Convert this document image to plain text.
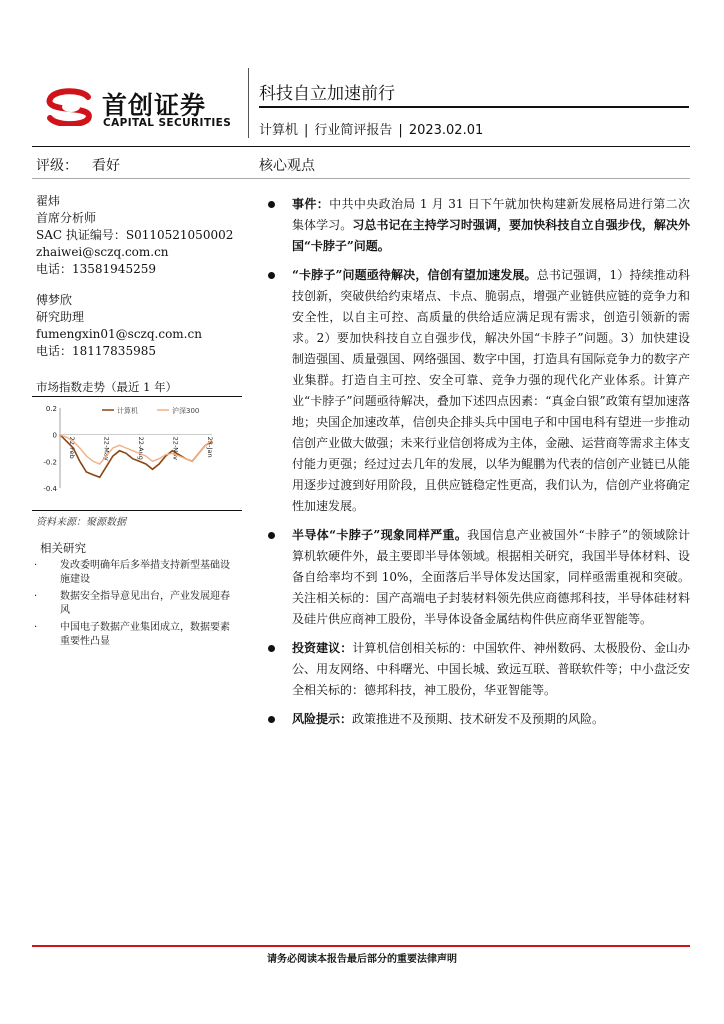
首创证券
CAPITAL SECURITIES
科技自立加速前行
计算机 | 行业简评报告 | 2023.02.01
评级： 看好	核心观点
翟炜
首席分析师
SAC 执证编号：S0110521050002
zhaiwei@sczq.com.cn
电话：13581945259
傅梦欣
研究助理
fumengxin01@sczq.com.cn
电话：18117835985
市场指数走势（最近 1 年）
0.2
0
-0.2
-0.4
22-Feb	22-May	22-Aug	22-Nov	23-Jan
计算机	沪深300
资料来源：聚源数据
相关研究
· 发改委明确年后多举措支持新型基础设施建设
· 数据安全指导意见出台，产业发展迎春风
· 中国电子数据产业集团成立，数据要素重要性凸显
事件：中共中央政治局 1 月 31 日下午就加快构建新发展格局进行第二次集体学习。习总书记在主持学习时强调，要加快科技自立自强步伐，解决外国“卡脖子”问题。
“卡脖子”问题亟待解决，信创有望加速发展。总书记强调，1）持续推动科技创新，突破供给约束堵点、卡点、脆弱点，增强产业链供应链的竞争力和安全性，以自主可控、高质量的供给适应满足现有需求，创造引领新的需求。2）要加快科技自立自强步伐，解决外国“卡脖子”问题。3）加快建设制造强国、质量强国、网络强国、数字中国，打造具有国际竞争力的数字产业集群。打造自主可控、安全可靠、竞争力强的现代化产业体系。计算产业“卡脖子”问题亟待解决，叠加下述四点因素：“真金白银”政策有望加速落地；央国企加速改革，信创央企排头兵中国电子和中国电科有望进一步推动信创产业做大做强；未来行业信创将成为主体，金融、运营商等需求主体支付能力更强；经过过去几年的发展，以华为鲲鹏为代表的信创产业链已从能用逐步过渡到好用阶段，且供应链稳定性更高，我们认为，信创产业将确定性加速发展。
半导体“卡脖子”现象同样严重。我国信息产业被国外“卡脖子”的领域除计算机软硬件外，最主要即半导体领域。根据相关研究，我国半导体材料、设备自给率均不到 10%，全面落后半导体发达国家，同样亟需重视和突破。关注相关标的：国产高端电子封装材料领先供应商德邦科技，半导体硅材料及硅片供应商神工股份，半导体设备金属结构件供应商华亚智能等。
投资建议：计算机信创相关标的：中国软件、神州数码、太极股份、金山办公、用友网络、中科曙光、中国长城、致远互联、普联软件等；中小盘泛安全相关标的：德邦科技，神工股份，华亚智能等。
风险提示：政策推进不及预期、技术研发不及预期的风险。
请务必阅读本报告最后部分的重要法律声明
